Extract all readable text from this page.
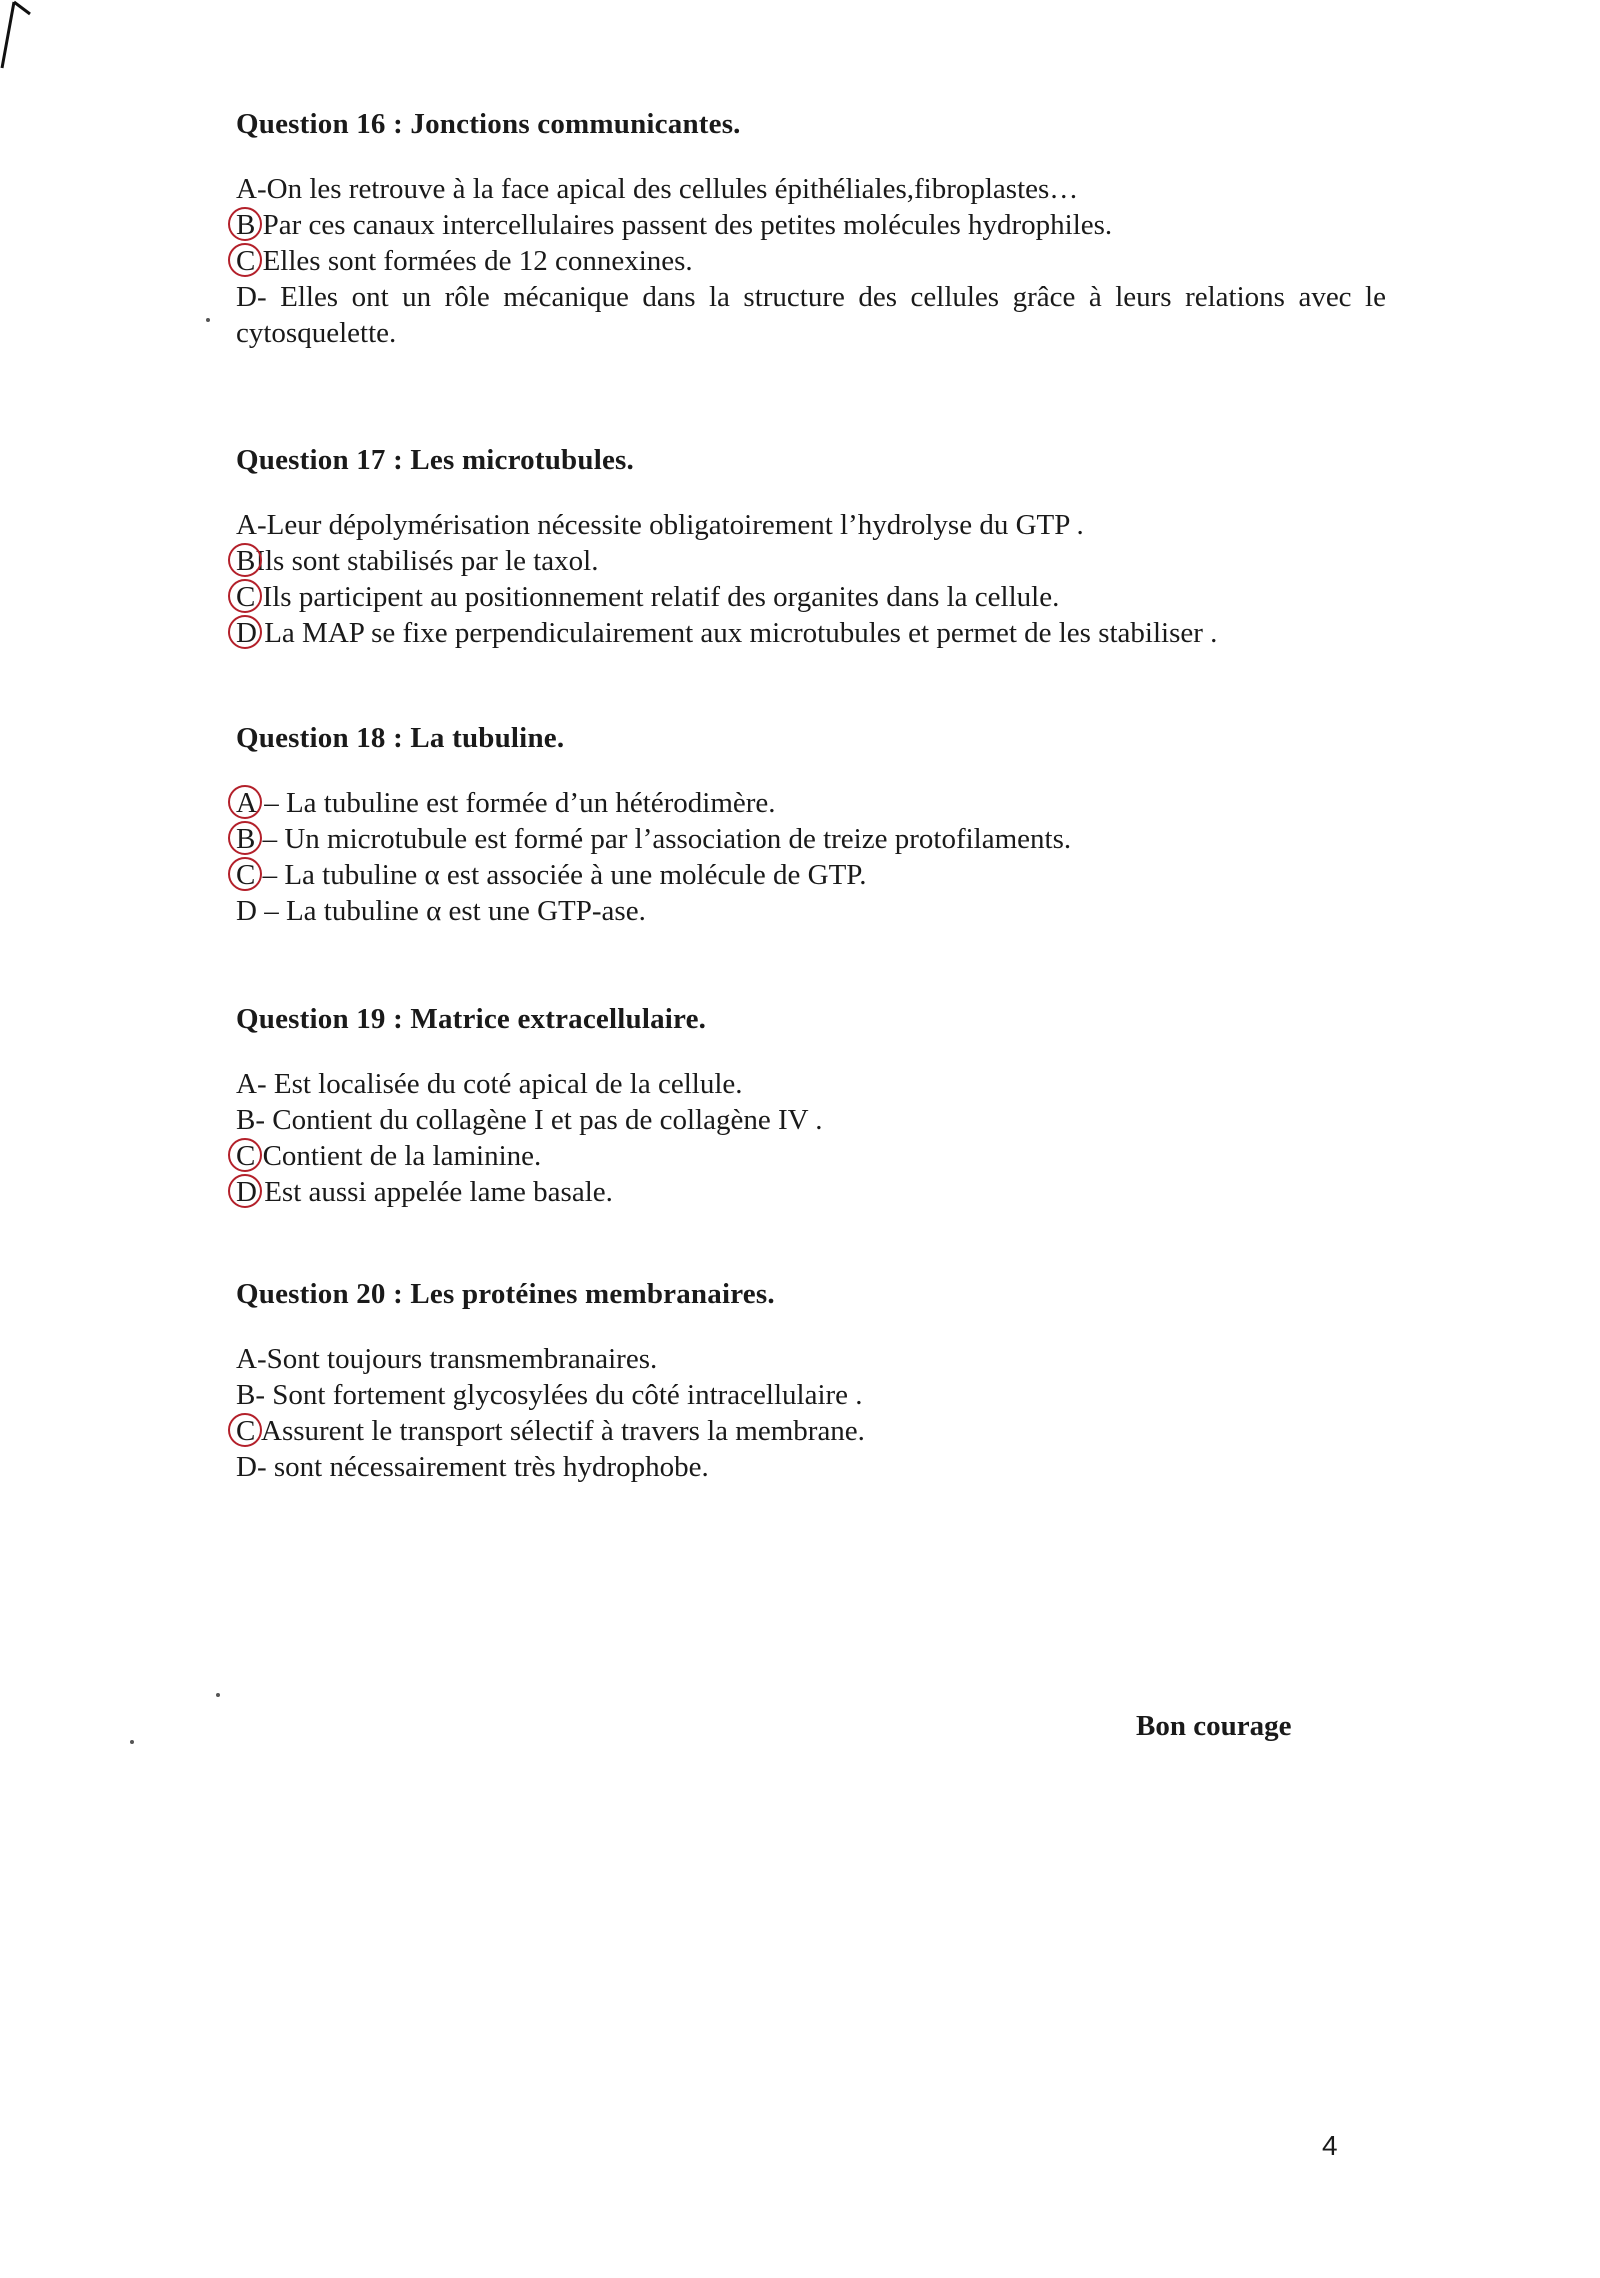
Question 16 : Jonctions communicantes.
A-On les retrouve à la face apical des cellules épithéliales,fibroplastes…
B Par ces canaux intercellulaires passent des petites molécules hydrophiles.
C Elles sont formées de 12 connexines.
D- Elles ont un rôle mécanique dans la structure des cellules grâce à leurs relations avec le cytosquelette.
Question 17 : Les microtubules.
A-Leur dépolymérisation nécessite obligatoirement l’hydrolyse du GTP .
BIls sont stabilisés par le taxol.
C Ils participent au positionnement relatif des organites dans la cellule.
D La MAP se fixe perpendiculairement aux microtubules et permet de les stabiliser .
Question 18 : La tubuline.
A – La tubuline est formée d’un hétérodimère.
B – Un microtubule est formé par l’association de treize protofilaments.
C – La tubuline α est associée à une molécule de GTP.
D – La tubuline α est une GTP-ase.
Question 19 : Matrice extracellulaire.
A- Est localisée du coté apical de la cellule.
B- Contient du collagène I et pas de collagène IV .
C Contient de la laminine.
D Est aussi appelée lame basale.
Question 20 : Les protéines membranaires.
A-Sont toujours transmembranaires.
B- Sont fortement glycosylées du côté intracellulaire .
C Assurent le transport sélectif à travers la membrane.
D- sont nécessairement très hydrophobe.
Bon courage
4
